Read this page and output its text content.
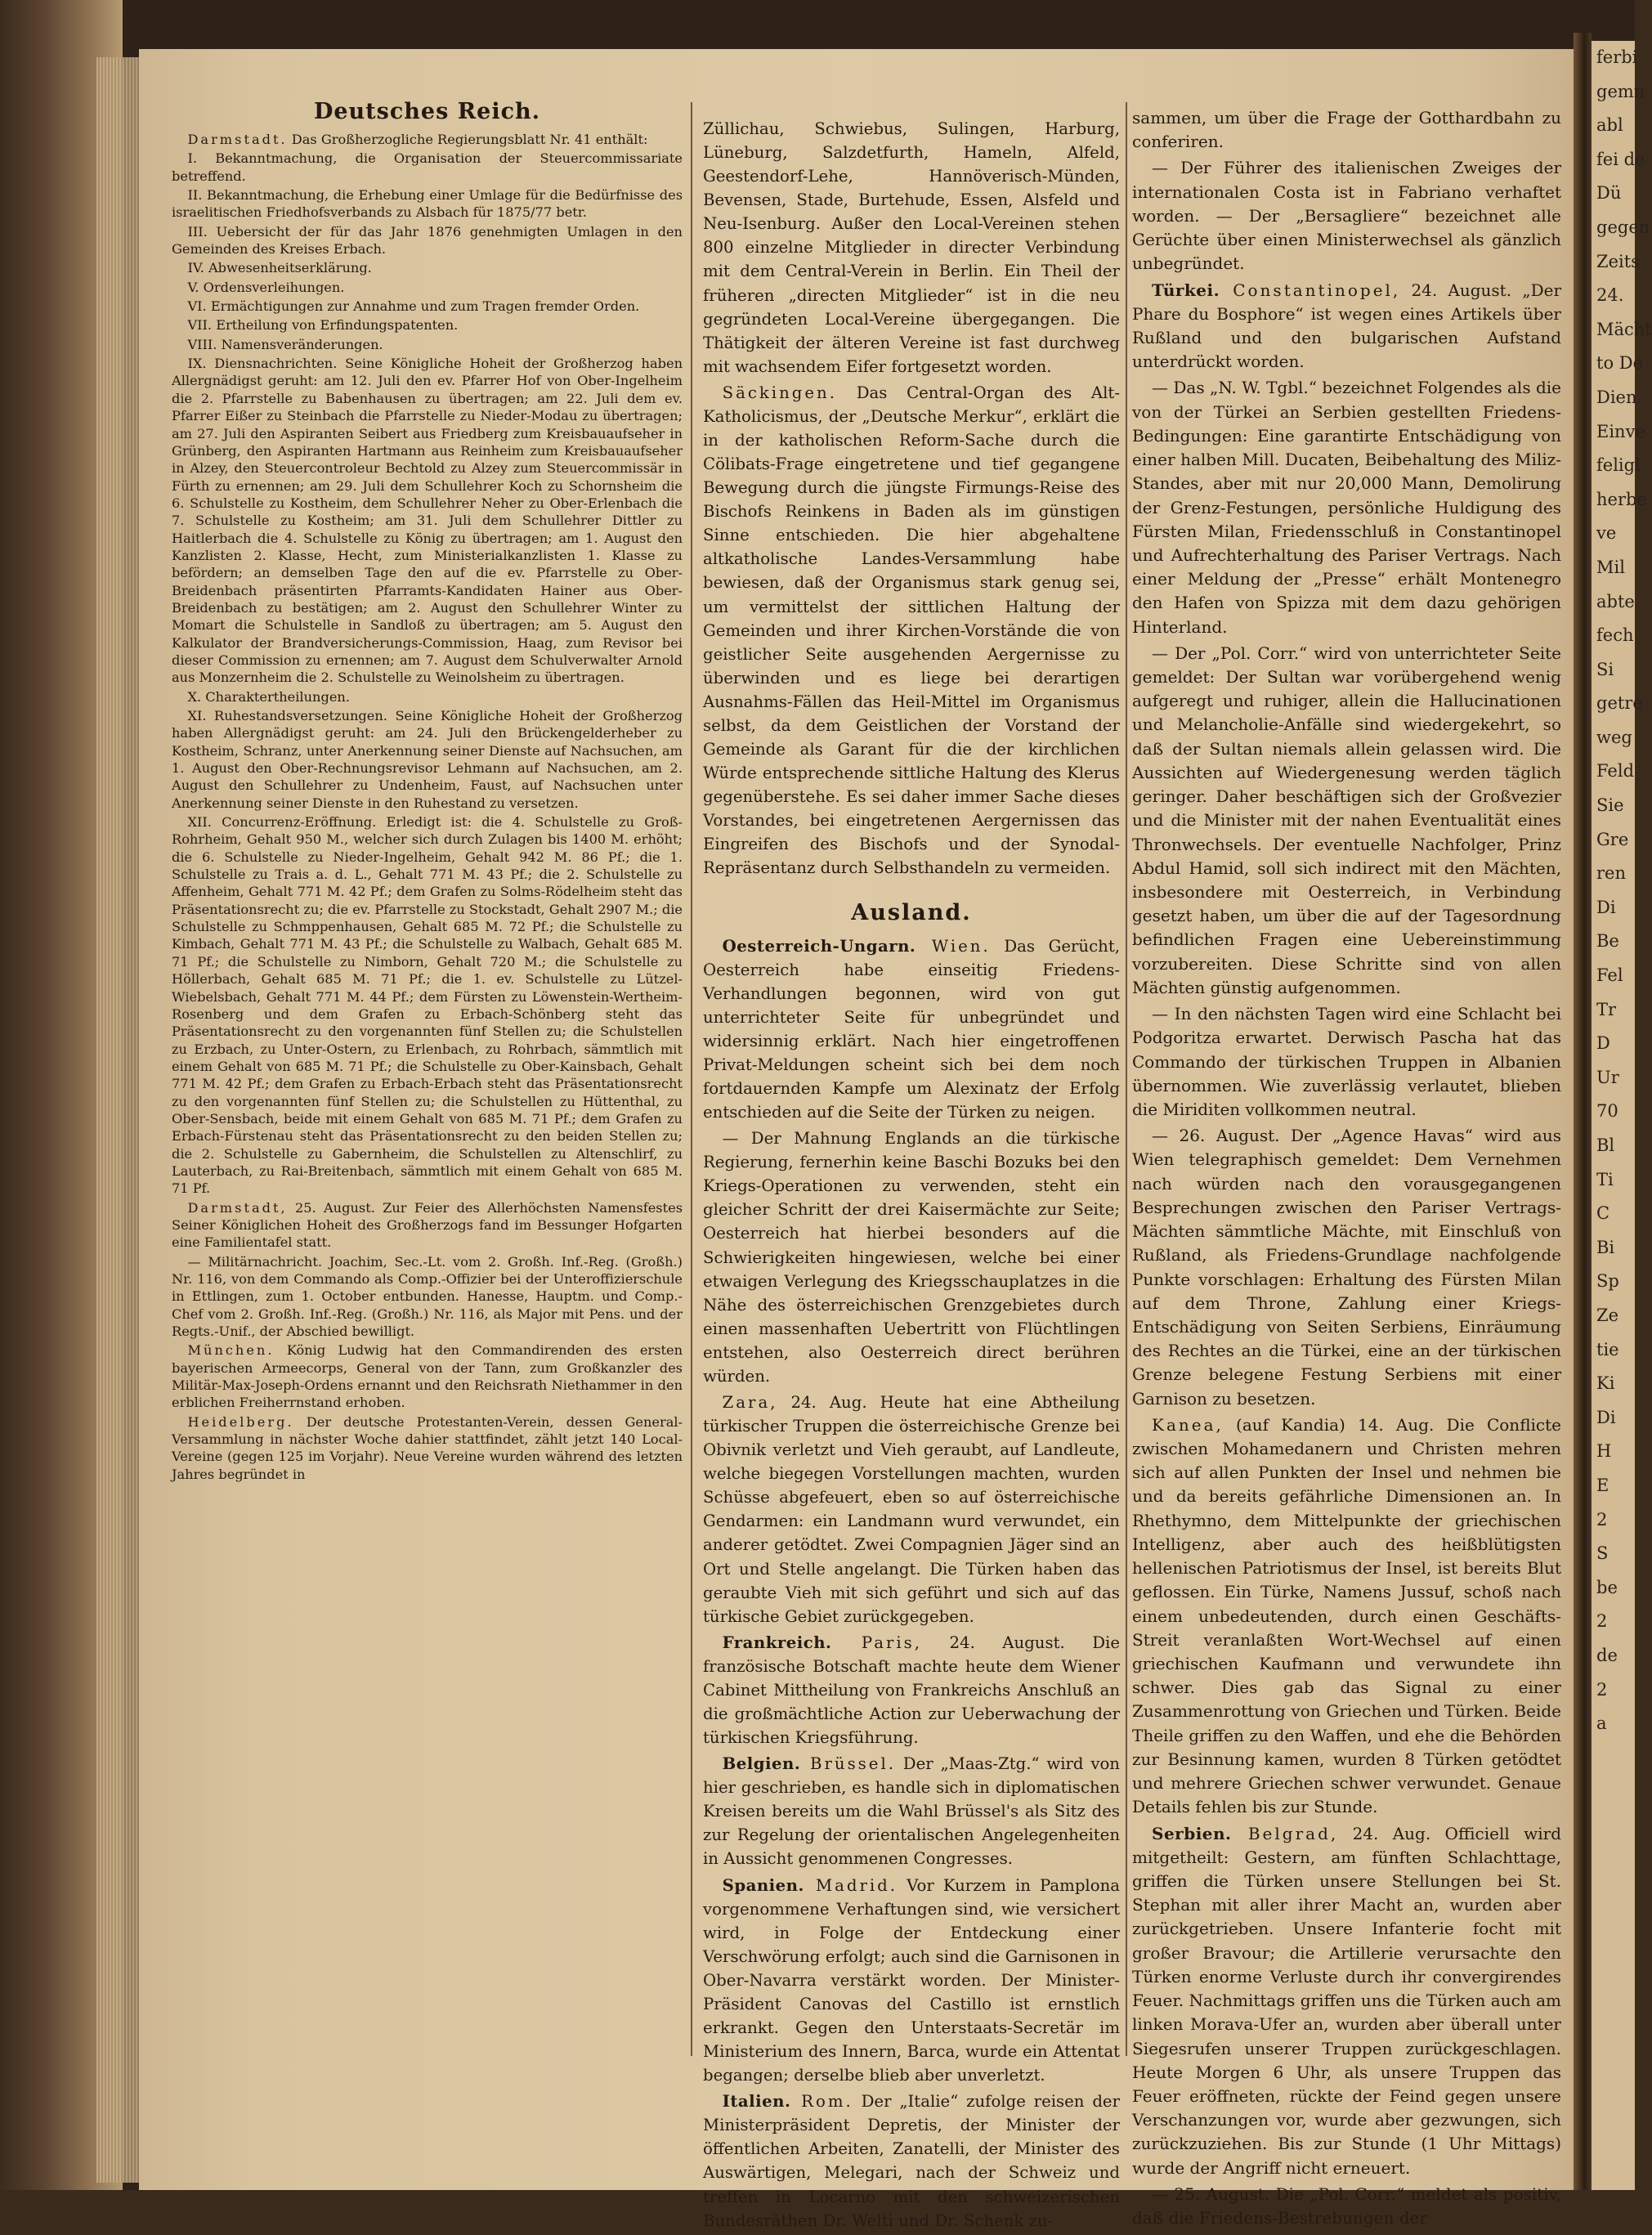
ferbi
gemn
abl
fei de
Dü
gegen
Zeits
24.
Mächt
to De
Dien
Einve
feligl
herbe
ve
Mil
abte
fech
Si
getre
weg
Feld
Sie
Gre
ren
Di
Be
Fel
Tr
D
Ur
70
Bl
Ti
C
Bi
Sp
Ze
tie
Ki
Di
H
E
2
S
be
2
de
2
a
Deutsches Reich.

Darmstadt. Das Großherzogliche Regierungsblatt Nr. 41 enthält:

I. Bekanntmachung, die Organisation der Steuercommissariate betreffend.

II. Bekanntmachung, die Erhebung einer Umlage für die Bedürfnisse des israelitischen Friedhofsverbands zu Alsbach für 1875/77 betr.

III. Uebersicht der für das Jahr 1876 genehmigten Umlagen in den Gemeinden des Kreises Erbach.

IV. Abwesenheitserklärung.

V. Ordensverleihungen.

VI. Ermächtigungen zur Annahme und zum Tragen fremder Orden.

VII. Ertheilung von Erfindungspatenten.

VIII. Namensveränderungen.

IX. Diensnachrichten. Seine Königliche Hoheit der Großherzog haben Allergnädigst geruht: am 12. Juli den ev. Pfarrer Hof von Ober-Ingelheim die 2. Pfarrstelle zu Babenhausen zu übertragen; am 22. Juli dem ev. Pfarrer Eißer zu Steinbach die Pfarrstelle zu Nieder-Modau zu übertragen; am 27. Juli den Aspiranten Seibert aus Friedberg zum Kreisbauaufseher in Grünberg, den Aspiranten Hartmann aus Reinheim zum Kreisbauaufseher in Alzey, den Steuercontroleur Bechtold zu Alzey zum Steuercommissär in Fürth zu ernennen; am 29. Juli dem Schullehrer Koch zu Schornsheim die 6. Schulstelle zu Kostheim, dem Schullehrer Neher zu Ober-Erlenbach die 7. Schulstelle zu Kostheim; am 31. Juli dem Schullehrer Dittler zu Haitlerbach die 4. Schulstelle zu König zu übertragen; am 1. August den Kanzlisten 2. Klasse, Hecht, zum Ministerialkanzlisten 1. Klasse zu befördern; an demselben Tage den auf die ev. Pfarrstelle zu Ober-Breidenbach präsentirten Pfarramts-Kandidaten Hainer aus Ober-Breidenbach zu bestätigen; am 2. August den Schullehrer Winter zu Momart die Schulstelle in Sandloß zu übertragen; am 5. August den Kalkulator der Brandversicherungs-Commission, Haag, zum Revisor bei dieser Commission zu ernennen; am 7. August dem Schulverwalter Arnold aus Monzernheim die 2. Schulstelle zu Weinolsheim zu übertragen.

X. Charaktertheilungen.

XI. Ruhestandsversetzungen. Seine Königliche Hoheit der Großherzog haben Allergnädigst geruht: am 24. Juli den Brückengelderheber zu Kostheim, Schranz, unter Anerkennung seiner Dienste auf Nachsuchen, am 1. August den Ober-Rechnungsrevisor Lehmann auf Nachsuchen, am 2. August den Schullehrer zu Undenheim, Faust, auf Nachsuchen unter Anerkennung seiner Dienste in den Ruhestand zu versetzen.

XII. Concurrenz-Eröffnung. Erledigt ist: die 4. Schulstelle zu Groß-Rohrheim, Gehalt 950 M., welcher sich durch Zulagen bis 1400 M. erhöht; die 6. Schulstelle zu Nieder-Ingelheim, Gehalt 942 M. 86 Pf.; die 1. Schulstelle zu Trais a. d. L., Gehalt 771 M. 43 Pf.; die 2. Schulstelle zu Affenheim, Gehalt 771 M. 42 Pf.; dem Grafen zu Solms-Rödelheim steht das Präsentationsrecht zu; die ev. Pfarrstelle zu Stockstadt, Gehalt 2907 M.; die Schulstelle zu Schmppenhausen, Gehalt 685 M. 72 Pf.; die Schulstelle zu Kimbach, Gehalt 771 M. 43 Pf.; die Schulstelle zu Walbach, Gehalt 685 M. 71 Pf.; die Schulstelle zu Nimborn, Gehalt 720 M.; die Schulstelle zu Höllerbach, Gehalt 685 M. 71 Pf.; die 1. ev. Schulstelle zu Lützel-Wiebelsbach, Gehalt 771 M. 44 Pf.; dem Fürsten zu Löwenstein-Wertheim-Rosenberg und dem Grafen zu Erbach-Schönberg steht das Präsentationsrecht zu den vorgenannten fünf Stellen zu; die Schulstellen zu Erzbach, zu Unter-Ostern, zu Erlenbach, zu Rohrbach, sämmtlich mit einem Gehalt von 685 M. 71 Pf.; die Schulstelle zu Ober-Kainsbach, Gehalt 771 M. 42 Pf.; dem Grafen zu Erbach-Erbach steht das Präsentationsrecht zu den vorgenannten fünf Stellen zu; die Schulstellen zu Hüttenthal, zu Ober-Sensbach, beide mit einem Gehalt von 685 M. 71 Pf.; dem Grafen zu Erbach-Fürstenau steht das Präsentationsrecht zu den beiden Stellen zu; die 2. Schulstelle zu Gabernheim, die Schulstellen zu Altenschlirf, zu Lauterbach, zu Rai-Breitenbach, sämmtlich mit einem Gehalt von 685 M. 71 Pf.

Darmstadt, 25. August. Zur Feier des Allerhöchsten Namensfestes Seiner Königlichen Hoheit des Großherzogs fand im Bessunger Hofgarten eine Familientafel statt.

— Militärnachricht. Joachim, Sec.-Lt. vom 2. Großh. Inf.-Reg. (Großh.) Nr. 116, von dem Commando als Comp.-Offizier bei der Unteroffizierschule in Ettlingen, zum 1. October entbunden. Hanesse, Hauptm. und Comp.-Chef vom 2. Großh. Inf.-Reg. (Großh.) Nr. 116, als Major mit Pens. und der Regts.-Unif., der Abschied bewilligt.

München. König Ludwig hat den Commandirenden des ersten bayerischen Armeecorps, General von der Tann, zum Großkanzler des Militär-Max-Joseph-Ordens ernannt und den Reichsrath Niethammer in den erblichen Freiherrnstand erhoben.

Heidelberg. Der deutsche Protestanten-Verein, dessen General-Versammlung in nächster Woche dahier stattfindet, zählt jetzt 140 Local-Vereine (gegen 125 im Vorjahr). Neue Vereine wurden während des letzten Jahres begründet in

Züllichau, Schwiebus, Sulingen, Harburg, Lüneburg, Salzdetfurth, Hameln, Alfeld, Geestendorf-Lehe, Hannöverisch-Münden, Bevensen, Stade, Burtehude, Essen, Alsfeld und Neu-Isenburg. Außer den Local-Vereinen stehen 800 einzelne Mitglieder in directer Verbindung mit dem Central-Verein in Berlin. Ein Theil der früheren „directen Mitglieder“ ist in die neu gegründeten Local-Vereine übergegangen. Die Thätigkeit der älteren Vereine ist fast durchweg mit wachsendem Eifer fortgesetzt worden.

Säckingen. Das Central-Organ des Alt-Katholicismus, der „Deutsche Merkur“, erklärt die in der katholischen Reform-Sache durch die Cölibats-Frage eingetretene und tief gegangene Bewegung durch die jüngste Firmungs-Reise des Bischofs Reinkens in Baden als im günstigen Sinne entschieden. Die hier abgehaltene altkatholische Landes-Versammlung habe bewiesen, daß der Organismus stark genug sei, um vermittelst der sittlichen Haltung der Gemeinden und ihrer Kirchen-Vorstände die von geistlicher Seite ausgehenden Aergernisse zu überwinden und es liege bei derartigen Ausnahms-Fällen das Heil-Mittel im Organismus selbst, da dem Geistlichen der Vorstand der Gemeinde als Garant für die der kirchlichen Würde entsprechende sittliche Haltung des Klerus gegenüberstehe. Es sei daher immer Sache dieses Vorstandes, bei eingetretenen Aergernissen das Eingreifen des Bischofs und der Synodal-Repräsentanz durch Selbsthandeln zu vermeiden.

Ausland.

Oesterreich-Ungarn. Wien. Das Gerücht, Oesterreich habe einseitig Friedens-Verhandlungen begonnen, wird von gut unterrichteter Seite für unbegründet und widersinnig erklärt. Nach hier eingetroffenen Privat-Meldungen scheint sich bei dem noch fortdauernden Kampfe um Alexinatz der Erfolg entschieden auf die Seite der Türken zu neigen.

— Der Mahnung Englands an die türkische Regierung, fernerhin keine Baschi Bozuks bei den Kriegs-Operationen zu verwenden, steht ein gleicher Schritt der drei Kaisermächte zur Seite; Oesterreich hat hierbei besonders auf die Schwierigkeiten hingewiesen, welche bei einer etwaigen Verlegung des Kriegsschauplatzes in die Nähe des österreichischen Grenzgebietes durch einen massenhaften Uebertritt von Flüchtlingen entstehen, also Oesterreich direct berühren würden.

Zara, 24. Aug. Heute hat eine Abtheilung türkischer Truppen die österreichische Grenze bei Obivnik verletzt und Vieh geraubt, auf Landleute, welche biegegen Vorstellungen machten, wurden Schüsse abgefeuert, eben so auf österreichische Gendarmen: ein Landmann wurd verwundet, ein anderer getödtet. Zwei Compagnien Jäger sind an Ort und Stelle angelangt. Die Türken haben das geraubte Vieh mit sich geführt und sich auf das türkische Gebiet zurückgegeben.

Frankreich. Paris, 24. August. Die französische Botschaft machte heute dem Wiener Cabinet Mittheilung von Frankreichs Anschluß an die großmächtliche Action zur Ueberwachung der türkischen Kriegsführung.

Belgien. Brüssel. Der „Maas-Ztg.“ wird von hier geschrieben, es handle sich in diplomatischen Kreisen bereits um die Wahl Brüssel's als Sitz des zur Regelung der orientalischen Angelegenheiten in Aussicht genommenen Congresses.

Spanien. Madrid. Vor Kurzem in Pamplona vorgenommene Verhaftungen sind, wie versichert wird, in Folge der Entdeckung einer Verschwörung erfolgt; auch sind die Garnisonen in Ober-Navarra verstärkt worden. Der Minister-Präsident Canovas del Castillo ist ernstlich erkrankt. Gegen den Unterstaats-Secretär im Ministerium des Innern, Barca, wurde ein Attentat begangen; derselbe blieb aber unverletzt.

Italien. Rom. Der „Italie“ zufolge reisen der Ministerpräsident Depretis, der Minister der öffentlichen Arbeiten, Zanatelli, der Minister des Auswärtigen, Melegari, nach der Schweiz und treffen in Locarno mit den schweizerischen Bundesräthen Dr. Welti und Dr. Schenk zu-

sammen, um über die Frage der Gotthardbahn zu conferiren.

— Der Führer des italienischen Zweiges der internationalen Costa ist in Fabriano verhaftet worden. — Der „Bersagliere“ bezeichnet alle Gerüchte über einen Ministerwechsel als gänzlich unbegründet.

Türkei. Constantinopel, 24. August. „Der Phare du Bosphore“ ist wegen eines Artikels über Rußland und den bulgarischen Aufstand unterdrückt worden.

— Das „N. W. Tgbl.“ bezeichnet Folgendes als die von der Türkei an Serbien gestellten Friedens-Bedingungen: Eine garantirte Entschädigung von einer halben Mill. Ducaten, Beibehaltung des Miliz-Standes, aber mit nur 20,000 Mann, Demolirung der Grenz-Festungen, persönliche Huldigung des Fürsten Milan, Friedensschluß in Constantinopel und Aufrechterhaltung des Pariser Vertrags. Nach einer Meldung der „Presse“ erhält Montenegro den Hafen von Spizza mit dem dazu gehörigen Hinterland.

— Der „Pol. Corr.“ wird von unterrichteter Seite gemeldet: Der Sultan war vorübergehend wenig aufgeregt und ruhiger, allein die Hallucinationen und Melancholie-Anfälle sind wiedergekehrt, so daß der Sultan niemals allein gelassen wird. Die Aussichten auf Wiedergenesung werden täglich geringer. Daher beschäftigen sich der Großvezier und die Minister mit der nahen Eventualität eines Thronwechsels. Der eventuelle Nachfolger, Prinz Abdul Hamid, soll sich indirect mit den Mächten, insbesondere mit Oesterreich, in Verbindung gesetzt haben, um über die auf der Tagesordnung befindlichen Fragen eine Uebereinstimmung vorzubereiten. Diese Schritte sind von allen Mächten günstig aufgenommen.

— In den nächsten Tagen wird eine Schlacht bei Podgoritza erwartet. Derwisch Pascha hat das Commando der türkischen Truppen in Albanien übernommen. Wie zuverlässig verlautet, blieben die Miriditen vollkommen neutral.

— 26. August. Der „Agence Havas“ wird aus Wien telegraphisch gemeldet: Dem Vernehmen nach würden nach den vorausgegangenen Besprechungen zwischen den Pariser Vertrags-Mächten sämmtliche Mächte, mit Einschluß von Rußland, als Friedens-Grundlage nachfolgende Punkte vorschlagen: Erhaltung des Fürsten Milan auf dem Throne, Zahlung einer Kriegs-Entschädigung von Seiten Serbiens, Einräumung des Rechtes an die Türkei, eine an der türkischen Grenze belegene Festung Serbiens mit einer Garnison zu besetzen.

Kanea, (auf Kandia) 14. Aug. Die Conflicte zwischen Mohamedanern und Christen mehren sich auf allen Punkten der Insel und nehmen bie und da bereits gefährliche Dimensionen an. In Rhethymno, dem Mittelpunkte der griechischen Intelligenz, aber auch des heißblütigsten hellenischen Patriotismus der Insel, ist bereits Blut geflossen. Ein Türke, Namens Jussuf, schoß nach einem unbedeutenden, durch einen Geschäfts-Streit veranlaßten Wort-Wechsel auf einen griechischen Kaufmann und verwundete ihn schwer. Dies gab das Signal zu einer Zusammenrottung von Griechen und Türken. Beide Theile griffen zu den Waffen, und ehe die Behörden zur Besinnung kamen, wurden 8 Türken getödtet und mehrere Griechen schwer verwundet. Genaue Details fehlen bis zur Stunde.

Serbien. Belgrad, 24. Aug. Officiell wird mitgetheilt: Gestern, am fünften Schlachttage, griffen die Türken unsere Stellungen bei St. Stephan mit aller ihrer Macht an, wurden aber zurückgetrieben. Unsere Infanterie focht mit großer Bravour; die Artillerie verursachte den Türken enorme Verluste durch ihr convergirendes Feuer. Nachmittags griffen uns die Türken auch am linken Morava-Ufer an, wurden aber überall unter Siegesrufen unserer Truppen zurückgeschlagen. Heute Morgen 6 Uhr, als unsere Truppen das Feuer eröffneten, rückte der Feind gegen unsere Verschanzungen vor, wurde aber gezwungen, sich zurückzuziehen. Bis zur Stunde (1 Uhr Mittags) wurde der Angriff nicht erneuert.

— 25. August. Die „Pol. Corr.“ meldet als positiv, daß die Friedens-Bestrebungen der
